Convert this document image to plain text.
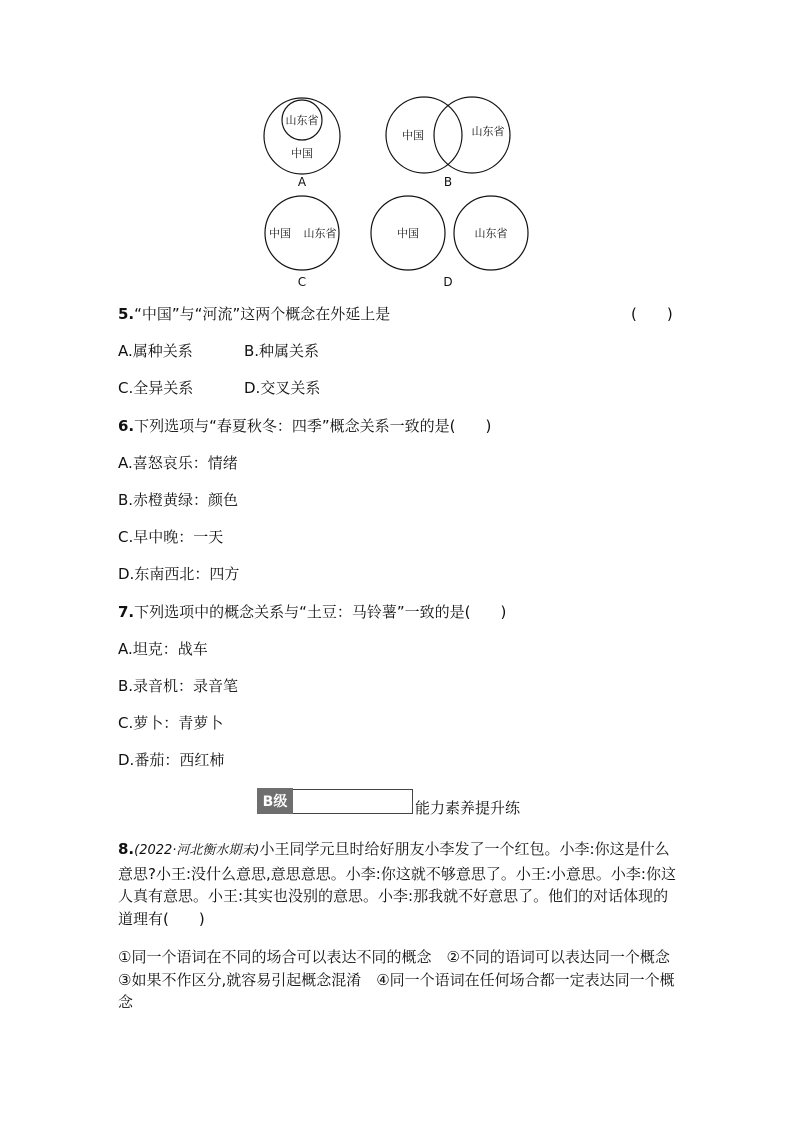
山东省
中国
A
中国	山东省
B
中国 山东省
C
中国	山东省
D
5.“中国”与“河流”这两个概念在外延上是	(　　)
A.属种关系	B.种属关系
C.全异关系	D.交叉关系
6.下列选项与“春夏秋冬：四季”概念关系一致的是(　　)
A.喜怒哀乐：情绪
B.赤橙黄绿：颜色
C.早中晚：一天
D.东南西北：四方
7.下列选项中的概念关系与“土豆：马铃薯”一致的是(　　)
A.坦克：战车
B.录音机：录音笔
C.萝卜：青萝卜
D.番茄：西红柿
B级	能力素养提升练
8.(2022·河北衡水期末)小王同学元旦时给好朋友小李发了一个红包。小李:你这是什么意思?小王:没什么意思,意思意思。小李:你这就不够意思了。小王:小意思。小李:你这人真有意思。小王:其实也没别的意思。小李:那我就不好意思了。他们的对话体现的道理有(　　)
①同一个语词在不同的场合可以表达不同的概念　②不同的语词可以表达同一个概念　③如果不作区分,就容易引起概念混淆　④同一个语词在任何场合都一定表达同一个概念
